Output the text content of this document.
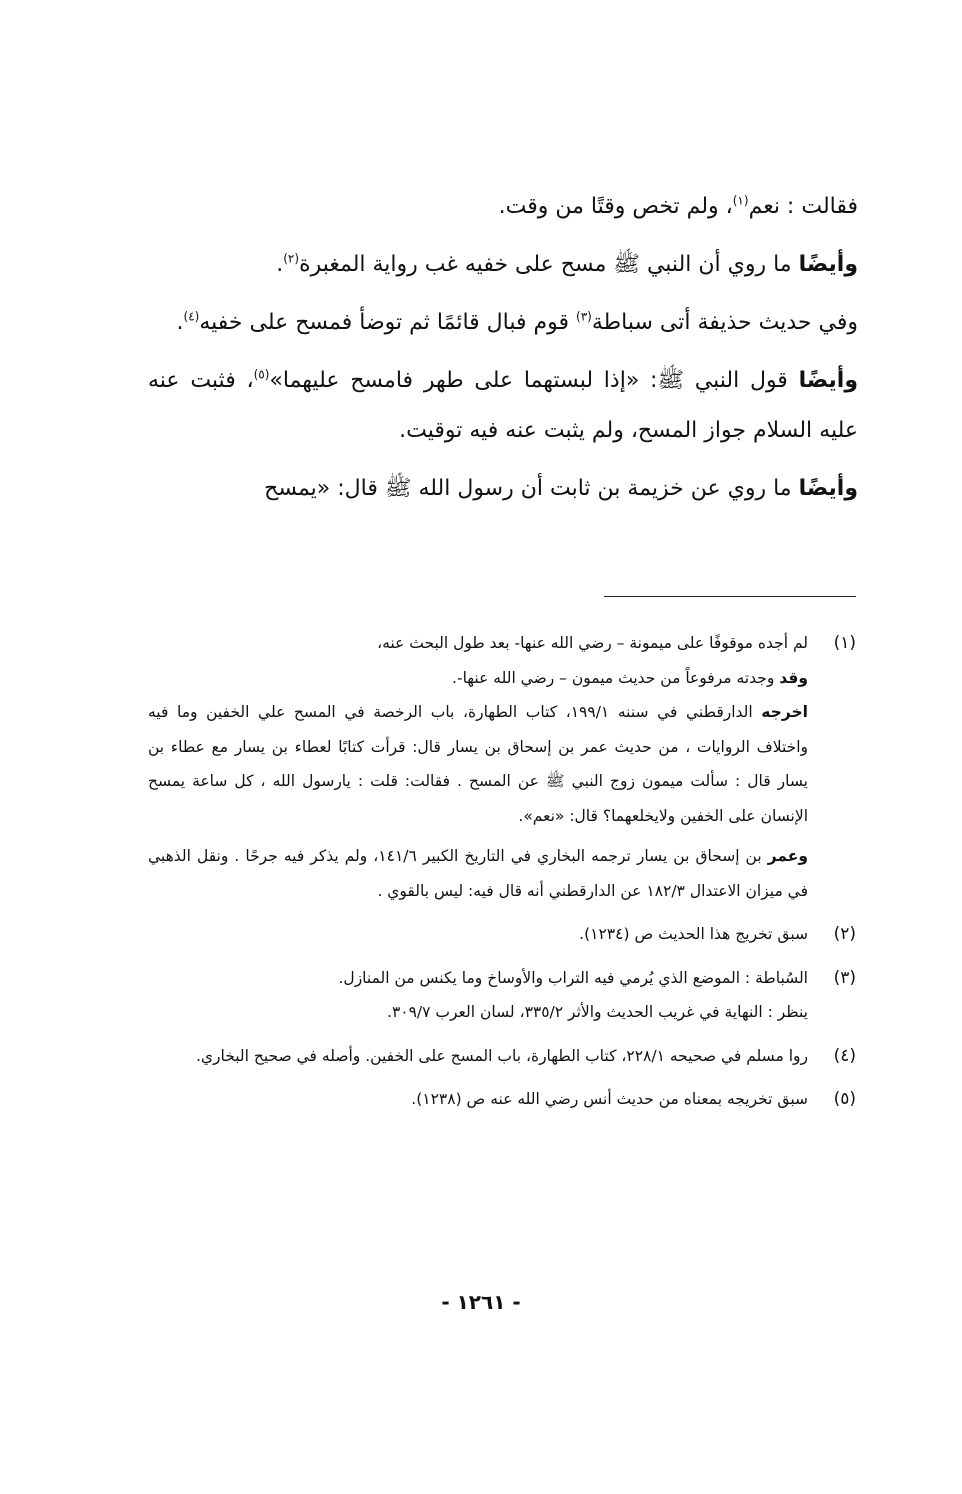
فقالت : نعم$^{(١)}$، ولم تخص وقتًا من وقت.

وأيضًا ما روي أن النبي ﷺ مسح على خفيه غب رواية المغبرة$^{(٢)}$.

وفي حديث حذيفة أتى سباطة$^{(٣)}$ قوم فبال قائمًا ثم توضأ فمسح على خفيه$^{(٤)}$.

وأيضًا قول النبي ﷺ: «إذا لبستهما على طهر فامسح عليهما»$^{(٥)}$، فثبت عنه عليه السلام جواز المسح، ولم يثبت عنه فيه توقيت.

وأيضًا ما روي عن خزيمة بن ثابت أن رسول الله ﷺ قال: «يمسح

(١)
لم أجده موقوفًا على ميمونة – رضي الله عنها- بعد طول البحث عنه،
وقد وجدته مرفوعاً من حديث ميمون – رضي الله عنها-.
اخرجه الدارقطني في سننه ١٩٩/١، كتاب الطهارة، باب الرخصة في المسح علي الخفين وما فيه واختلاف الروايات ، من حديث عمر بن إسحاق بن يسار قال: قرأت كتابًا لعطاء بن يسار مع عطاء بن يسار قال : سألت ميمون زوج النبي ﷺ عن المسح . فقالت: قلت : يارسول الله ، كل ساعة يمسح الإنسان على الخفين ولايخلعهما؟ قال: «نعم».
وعمر بن إسحاق بن يسار ترجمه البخاري في التاريخ الكبير ١٤١/٦، ولم يذكر فيه جرحًا . ونقل الذهبي في ميزان الاعتدال ١٨٢/٣ عن الدارقطني أنه قال فيه: ليس بالقوي .
(٢)
سبق تخريج هذا الحديث ص (١٢٣٤).
(٣)
السُباطة : الموضع الذي يُرمي فيه التراب والأوساخ وما يكنس من المنازل.
ينظر : النهاية في غريب الحديث والأثر ٣٣٥/٢، لسان العرب ٣٠٩/٧.
(٤)
روا مسلم في صحيحه ٢٢٨/١، كتاب الطهارة، باب المسح على الخفين. وأصله في صحيح البخاري.
(٥)
سبق تخريجه بمعناه من حديث أنس رضي الله عنه ص (١٢٣٨).
- ١٢٦١ -
